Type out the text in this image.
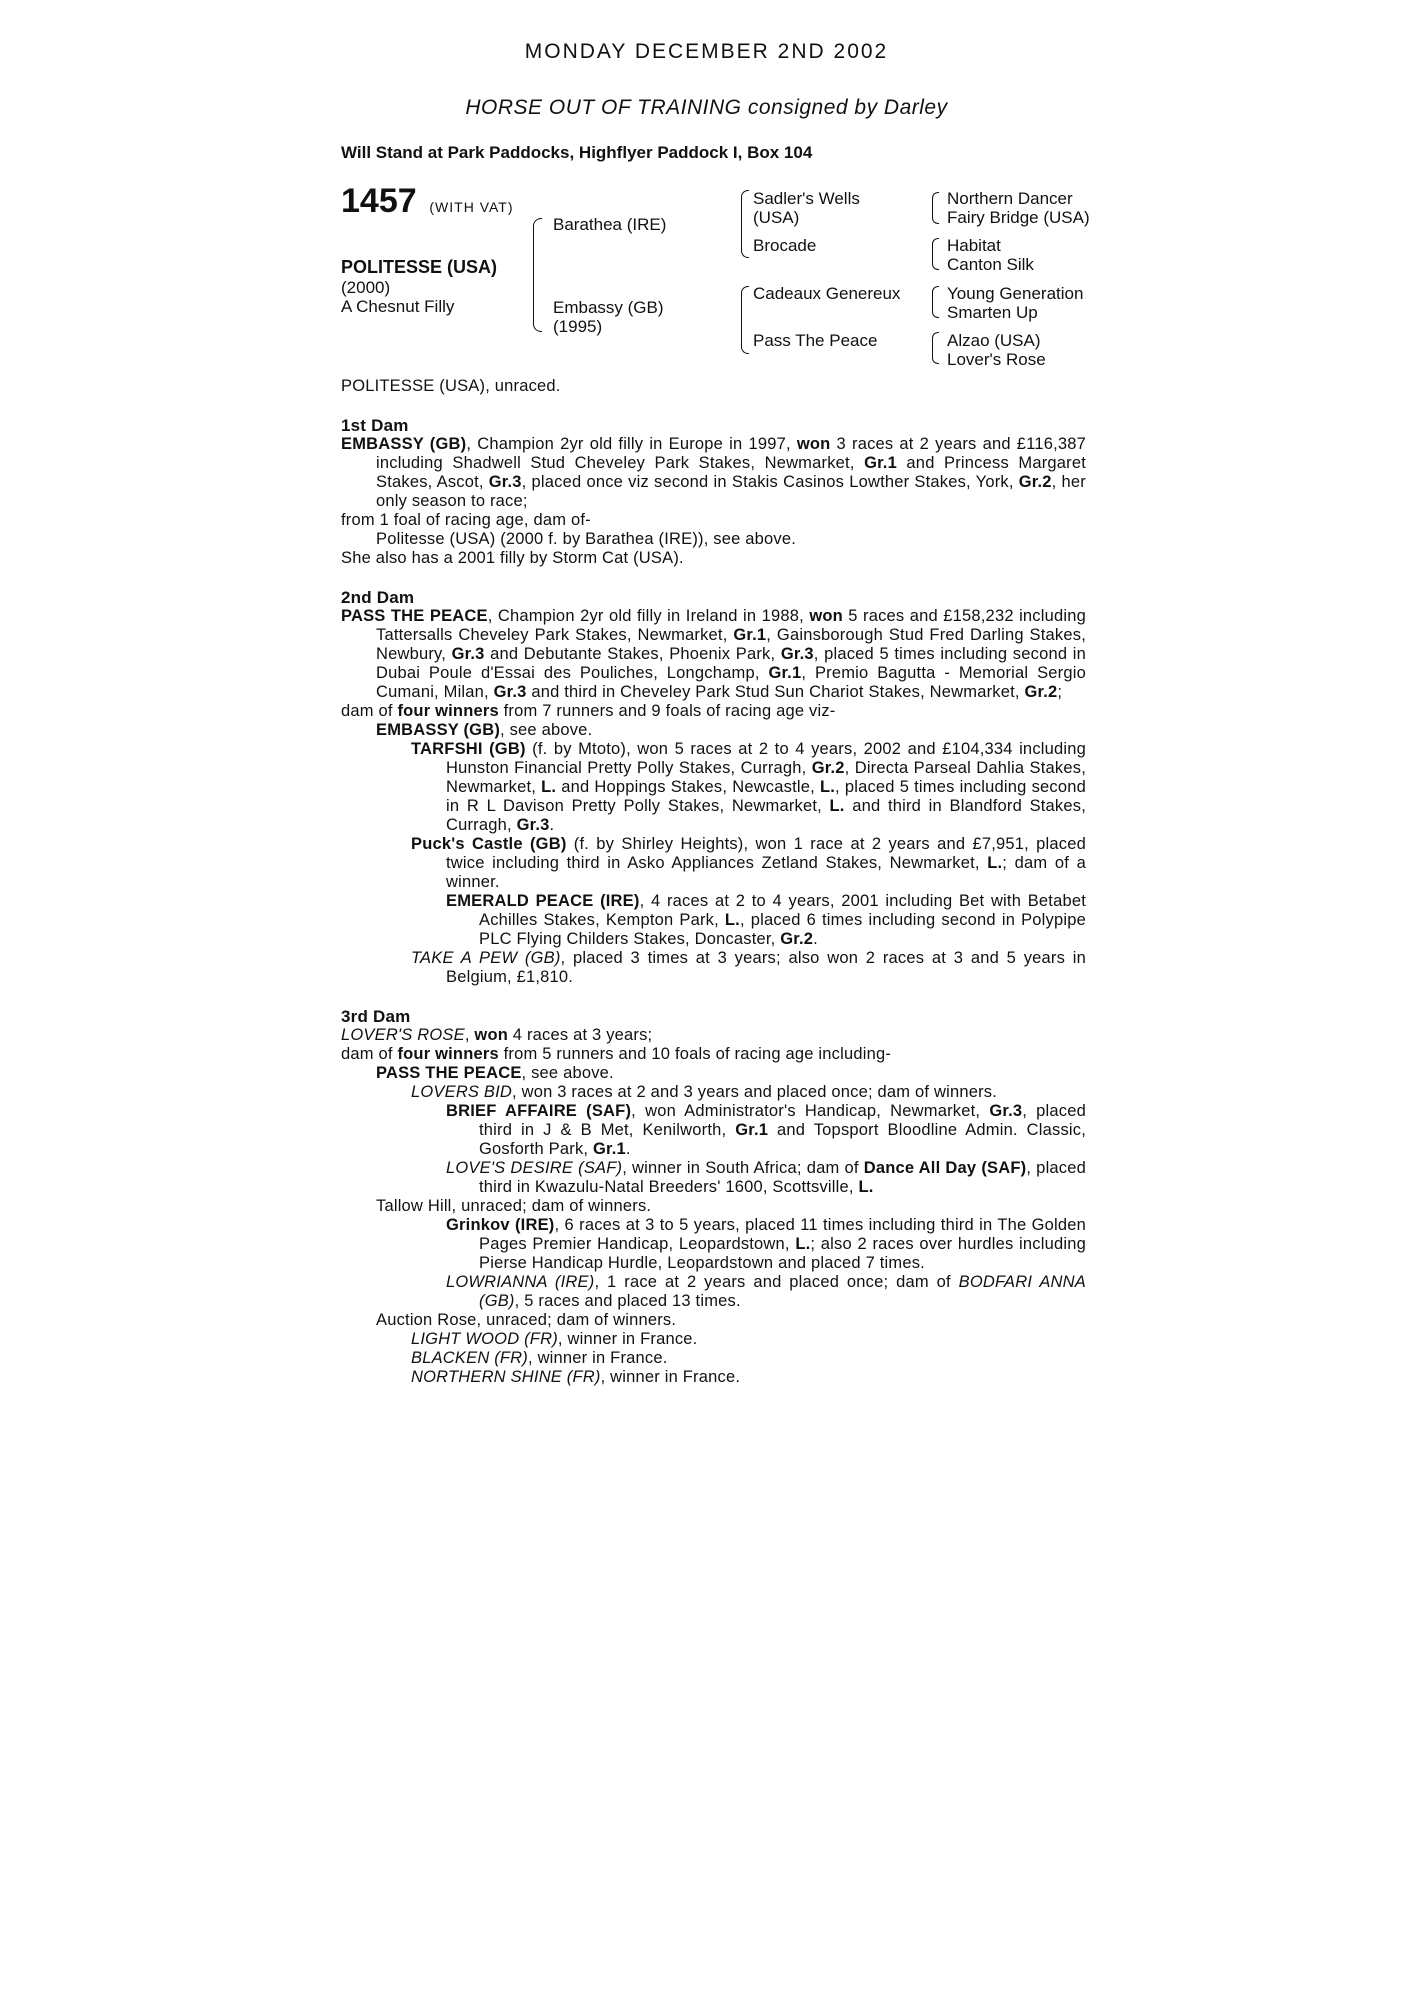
MONDAY DECEMBER 2ND 2002
HORSE OUT OF TRAINING consigned by Darley
Will Stand at Park Paddocks, Highflyer Paddock I, Box 104
1457 (WITH VAT)
POLITESSE (USA)
(2000)
A Chesnut Filly
Barathea (IRE)
Embassy (GB)
(1995)
Sadler's Wells
(USA)
Brocade
Cadeaux Genereux
Pass The Peace
Northern Dancer
Fairy Bridge (USA)
Habitat
Canton Silk
Young Generation
Smarten Up
Alzao (USA)
Lover's Rose

POLITESSE (USA), unraced.

1st Dam

EMBASSY (GB), Champion 2yr old filly in Europe in 1997, won 3 races at 2 years and £116,387 including Shadwell Stud Cheveley Park Stakes, Newmarket, Gr.1 and Princess Margaret Stakes, Ascot, Gr.3, placed once viz second in Stakis Casinos Lowther Stakes, York, Gr.2, her only season to race;

from 1 foal of racing age, dam of-

Politesse (USA) (2000 f. by Barathea (IRE)), see above.

She also has a 2001 filly by Storm Cat (USA).

2nd Dam

PASS THE PEACE, Champion 2yr old filly in Ireland in 1988, won 5 races and £158,232 including Tattersalls Cheveley Park Stakes, Newmarket, Gr.1, Gainsborough Stud Fred Darling Stakes, Newbury, Gr.3 and Debutante Stakes, Phoenix Park, Gr.3, placed 5 times including second in Dubai Poule d'Essai des Pouliches, Longchamp, Gr.1, Premio Bagutta - Memorial Sergio Cumani, Milan, Gr.3 and third in Cheveley Park Stud Sun Chariot Stakes, Newmarket, Gr.2;

dam of four winners from 7 runners and 9 foals of racing age viz-

EMBASSY (GB), see above.

TARFSHI (GB) (f. by Mtoto), won 5 races at 2 to 4 years, 2002 and £104,334 including Hunston Financial Pretty Polly Stakes, Curragh, Gr.2, Directa Parseal Dahlia Stakes, Newmarket, L. and Hoppings Stakes, Newcastle, L., placed 5 times including second in R L Davison Pretty Polly Stakes, Newmarket, L. and third in Blandford Stakes, Curragh, Gr.3.

Puck's Castle (GB) (f. by Shirley Heights), won 1 race at 2 years and £7,951, placed twice including third in Asko Appliances Zetland Stakes, Newmarket, L.; dam of a winner.

EMERALD PEACE (IRE), 4 races at 2 to 4 years, 2001 including Bet with Betabet Achilles Stakes, Kempton Park, L., placed 6 times including second in Polypipe PLC Flying Childers Stakes, Doncaster, Gr.2.

TAKE A PEW (GB), placed 3 times at 3 years; also won 2 races at 3 and 5 years in Belgium, £1,810.

3rd Dam

LOVER'S ROSE, won 4 races at 3 years;

dam of four winners from 5 runners and 10 foals of racing age including-

PASS THE PEACE, see above.

LOVERS BID, won 3 races at 2 and 3 years and placed once; dam of winners.

BRIEF AFFAIRE (SAF), won Administrator's Handicap, Newmarket, Gr.3, placed third in J & B Met, Kenilworth, Gr.1 and Topsport Bloodline Admin. Classic, Gosforth Park, Gr.1.

LOVE'S DESIRE (SAF), winner in South Africa; dam of Dance All Day (SAF), placed third in Kwazulu-Natal Breeders' 1600, Scottsville, L.

Tallow Hill, unraced; dam of winners.

Grinkov (IRE), 6 races at 3 to 5 years, placed 11 times including third in The Golden Pages Premier Handicap, Leopardstown, L.; also 2 races over hurdles including Pierse Handicap Hurdle, Leopardstown and placed 7 times.

LOWRIANNA (IRE), 1 race at 2 years and placed once; dam of BODFARI ANNA (GB), 5 races and placed 13 times.

Auction Rose, unraced; dam of winners.

LIGHT WOOD (FR), winner in France.

BLACKEN (FR), winner in France.

NORTHERN SHINE (FR), winner in France.
